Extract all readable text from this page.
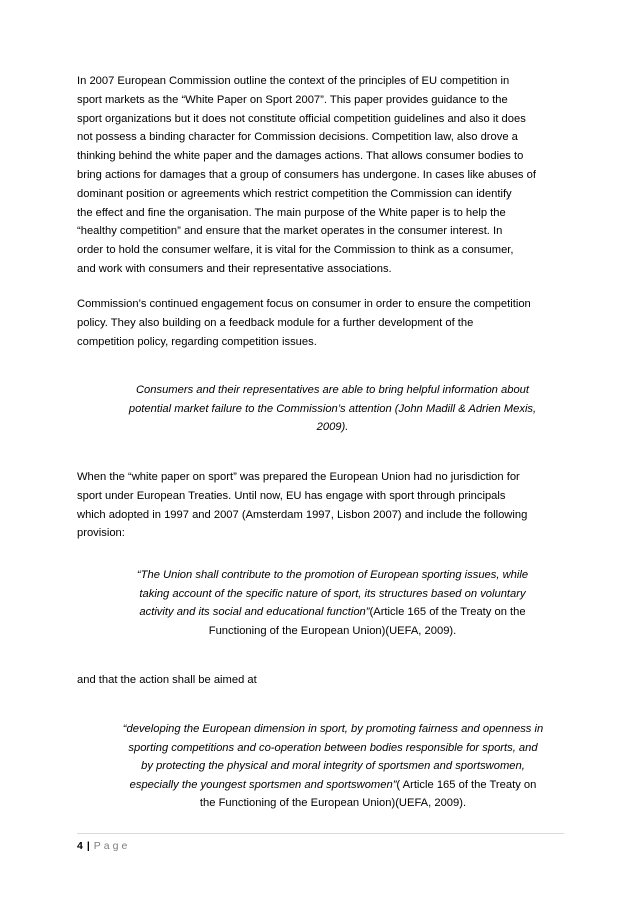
In 2007 European Commission outline the context of the principles of EU competition in
sport markets as the “White Paper on Sport 2007”. This paper provides guidance to the
sport organizations but it does not constitute official competition guidelines and also it does
not possess a binding character for Commission decisions. Competition law, also drove a
thinking behind the white paper and the damages actions. That allows consumer bodies to
bring actions for damages that a group of consumers has undergone. In cases like abuses of
dominant position or agreements which restrict competition the Commission can identify
the effect and fine the organisation. The main purpose of the White paper is to help the
“healthy competition” and ensure that the market operates in the consumer interest. In
order to hold the consumer welfare, it is vital for the Commission to think as a consumer,
and work with consumers and their representative associations.

Commission’s continued engagement focus on consumer in order to ensure the competition
policy. They also building on a feedback module for a further development of the
competition policy, regarding competition issues.

Consumers and their representatives are able to bring helpful information about
potential market failure to the Commission’s attention (John Madill & Adrien Mexis,
2009).

When the “white paper on sport” was prepared the European Union had no jurisdiction for
sport under European Treaties. Until now, EU has engage with sport through principals
which adopted in 1997 and 2007 (Amsterdam 1997, Lisbon 2007) and include the following
provision:

“The Union shall contribute to the promotion of European sporting issues, while
taking account of the specific nature of sport, its structures based on voluntary
activity and its social and educational function”(Article 165 of the Treaty on the
Functioning of the European Union)(UEFA, 2009).

and that the action shall be aimed at

“developing the European dimension in sport, by promoting fairness and openness in
sporting competitions and co-operation between bodies responsible for sports, and
by protecting the physical and moral integrity of sportsmen and sportswomen,
especially the youngest sportsmen and sportswomen”( Article 165 of the Treaty on
the Functioning of the European Union)(UEFA, 2009).

4 | Page
